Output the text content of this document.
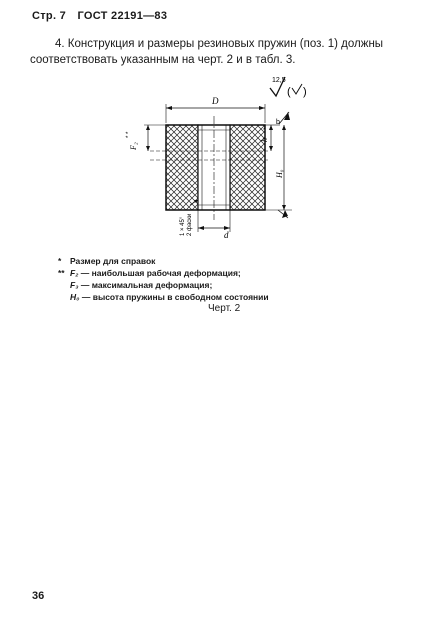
Стр. 7 ГОСТ 22191—83
4. Конструкция и размеры резиновых пружин (поз. 1) должны
соответствовать указанным на черт. 2 и в табл. 3.
12,5
( )
D
d
F₂
* *
h
*
H₀
b
1 × 45° 2 фаски
* Размер для справок
** F₂ — наибольшая рабочая деформация;
F₃ — максимальная деформация;
H₀ — высота пружины в свободном состоянии
Черт. 2
36
